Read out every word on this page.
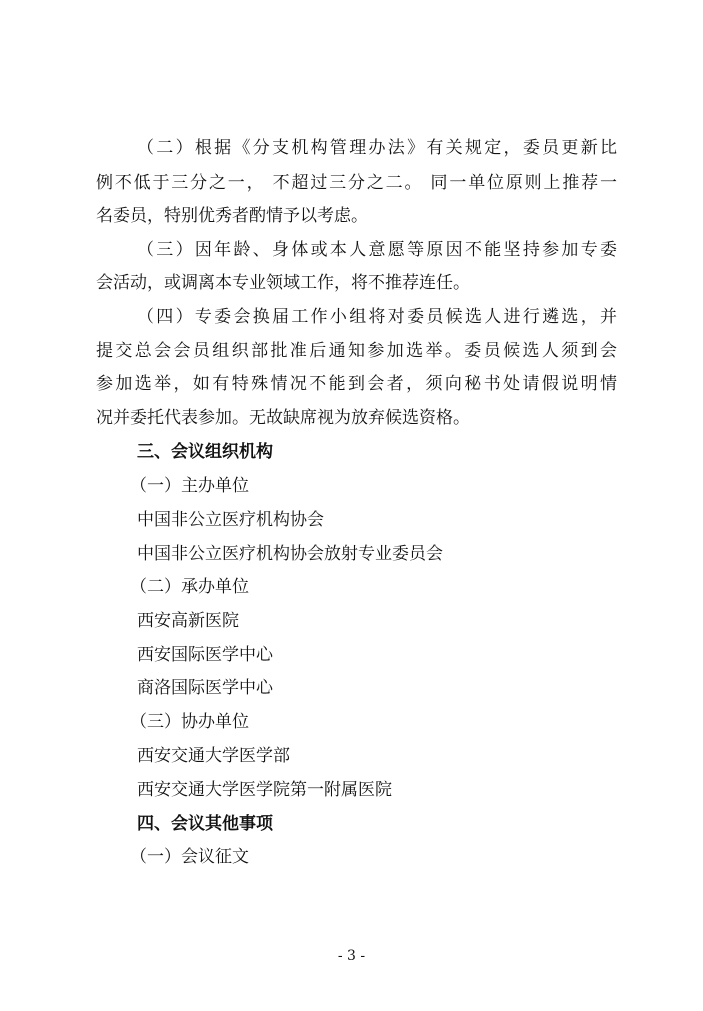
（二）根据《分支机构管理办法》有关规定，委员更新比
例不低于三分之一， 不超过三分之二。 同一单位原则上推荐一
名委员，特别优秀者酌情予以考虑。
（三）因年龄、身体或本人意愿等原因不能坚持参加专委
会活动，或调离本专业领域工作，将不推荐连任。
（四）专委会换届工作小组将对委员候选人进行遴选，并
提交总会会员组织部批准后通知参加选举。委员候选人须到会
参加选举，如有特殊情况不能到会者，须向秘书处请假说明情
况并委托代表参加。无故缺席视为放弃候选资格。
三、会议组织机构
（一）主办单位
中国非公立医疗机构协会
中国非公立医疗机构协会放射专业委员会
（二）承办单位
西安高新医院
西安国际医学中心
商洛国际医学中心
（三）协办单位
西安交通大学医学部
西安交通大学医学院第一附属医院
四、会议其他事项
（一）会议征文
- 3 -
